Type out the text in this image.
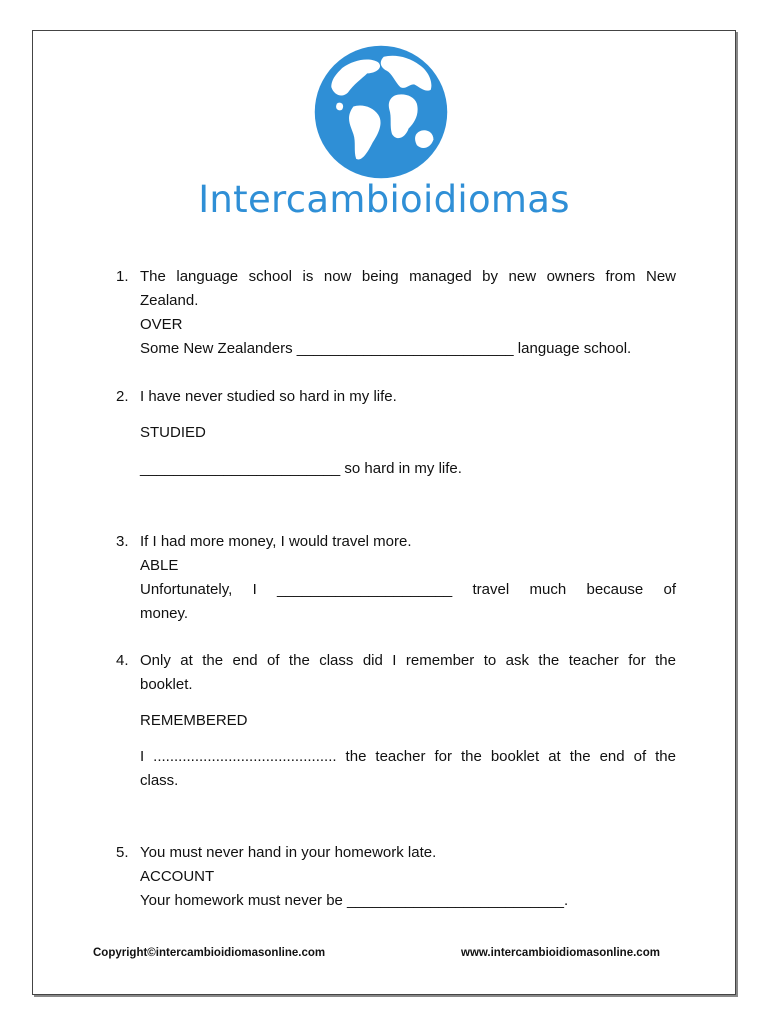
Intercambioidiomas
1. The language school is now being managed by new owners from New

Zealand.

OVER

Some New Zealanders __________________________ language school.

2. I have never studied so hard in my life.

STUDIED

________________________ so hard in my life.

3. If I had more money, I would travel more.

ABLE

Unfortunately, I _____________________ travel much because of

money.

4. Only at the end of the class did I remember to ask the teacher for the

booklet.

REMEMBERED

I ............................................ the teacher for the booklet at the end of the

class.

5. You must never hand in your homework late.

ACCOUNT

Your homework must never be __________________________.

Copyright©intercambioidiomasonline.com	www.intercambioidiomasonline.com
